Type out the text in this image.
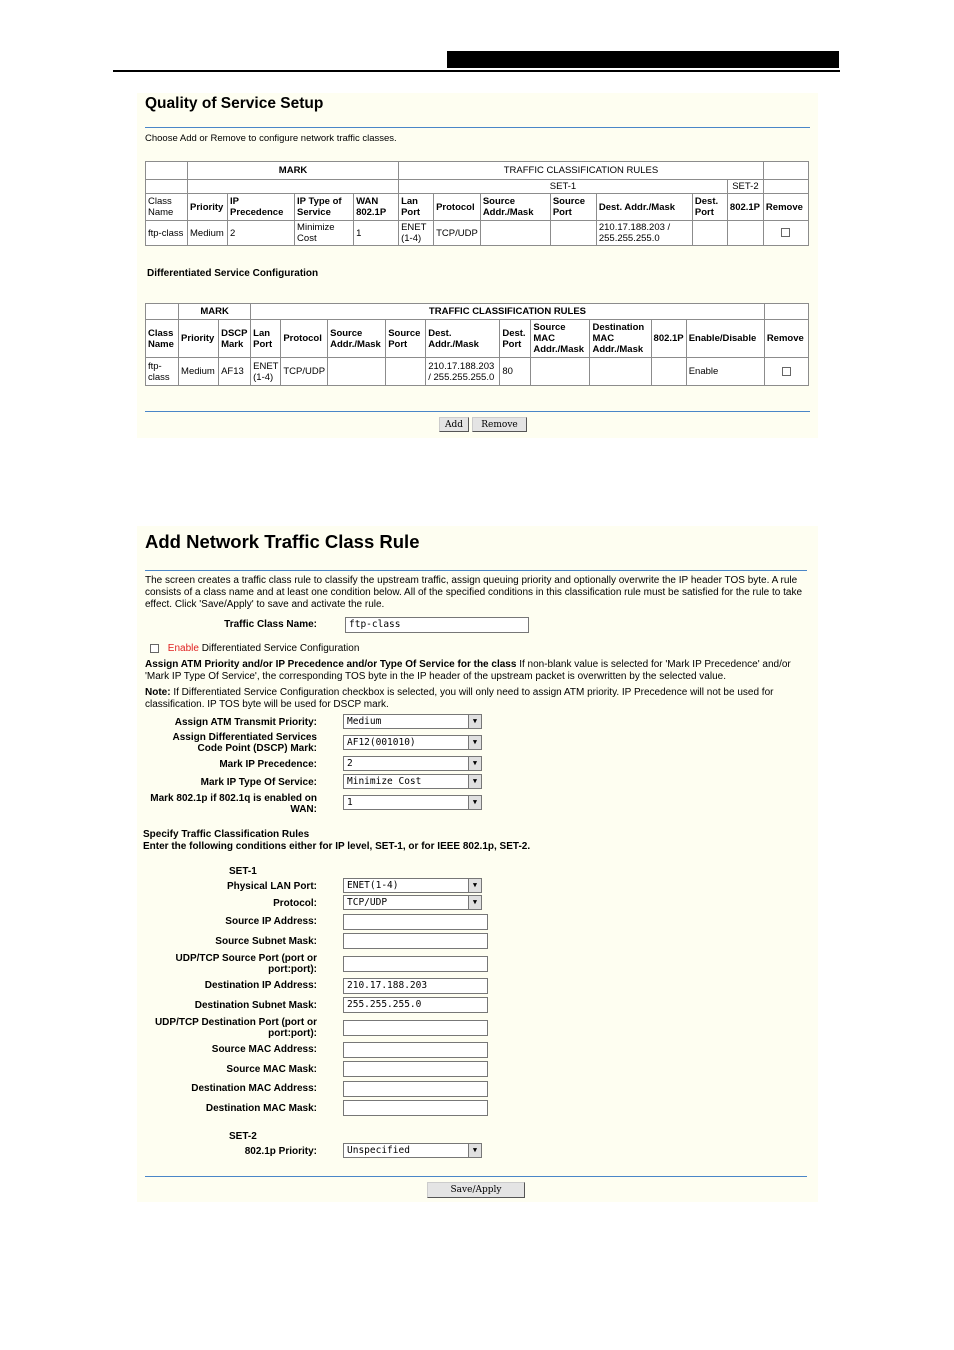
Quality of Service Setup
Choose Add or Remove to configure network traffic classes.
	MARK				TRAFFIC CLASSIFICATION RULES							
					SET-1						SET-2	
Class Name	Priority	IP Precedence	IP Type of Service	WAN 802.1P	Lan Port	Protocol	Source Addr./Mask	Source Port	Dest. Addr./Mask	Dest. Port	802.1P	Remove
ftp-class	Medium	2	Minimize Cost	1	ENET (1-4)	TCP/UDP			210.17.188.203 / 255.255.255.0			
Differentiated Service Configuration
	MARK		TRAFFIC CLASSIFICATION RULES										
Class Name	Priority	DSCP Mark	Lan Port	Protocol	Source Addr./Mask	Source Port	Dest. Addr./Mask	Dest. Port	Source MAC Addr./Mask	Destination MAC Addr./Mask	802.1P	Enable/Disable	Remove
ftp-class	Medium	AF13	ENET (1-4)	TCP/UDP			210.17.188.203 / 255.255.255.0	80				Enable	
Add	Remove
Add Network Traffic Class Rule
The screen creates a traffic class rule to classify the upstream traffic, assign queuing priority and optionally overwrite the IP header TOS byte. A rule consists of a class name and at least one condition below. All of the specified conditions in this classification rule must be satisfied for the rule to take effect. Click 'Save/Apply' to save and activate the rule.
Traffic Class Name:	ftp-class
Enable Differentiated Service Configuration
Assign ATM Priority and/or IP Precedence and/or Type Of Service for the class If non-blank value is selected for 'Mark IP Precedence' and/or 'Mark IP Type Of Service', the corresponding TOS byte in the IP header of the upstream packet is overwritten by the selected value.
Note: If Differentiated Service Configuration checkbox is selected, you will only need to assign ATM priority. IP Precedence will not be used for classification. IP TOS byte will be used for DSCP mark.
Assign ATM Transmit Priority:	Medium	▼
Assign Differentiated Services Code Point (DSCP) Mark:
AF12(001010)	▼
Mark IP Precedence:	2	▼
Mark IP Type Of Service:	Minimize Cost	▼
Mark 802.1p if 802.1q is enabled on WAN:
1	▼
Specify Traffic Classification Rules
Enter the following conditions either for IP level, SET-1, or for IEEE 802.1p, SET-2.
SET-1
Physical LAN Port:	ENET(1-4)	▼
Protocol:	TCP/UDP	▼
Source IP Address:
Source Subnet Mask:
UDP/TCP Source Port (port or port:port):
Destination IP Address:	210.17.188.203
Destination Subnet Mask:	255.255.255.0
UDP/TCP Destination Port (port or port:port):
Source MAC Address:
Source MAC Mask:
Destination MAC Address:
Destination MAC Mask:
SET-2
802.1p Priority:	Unspecified	▼
Save/Apply
